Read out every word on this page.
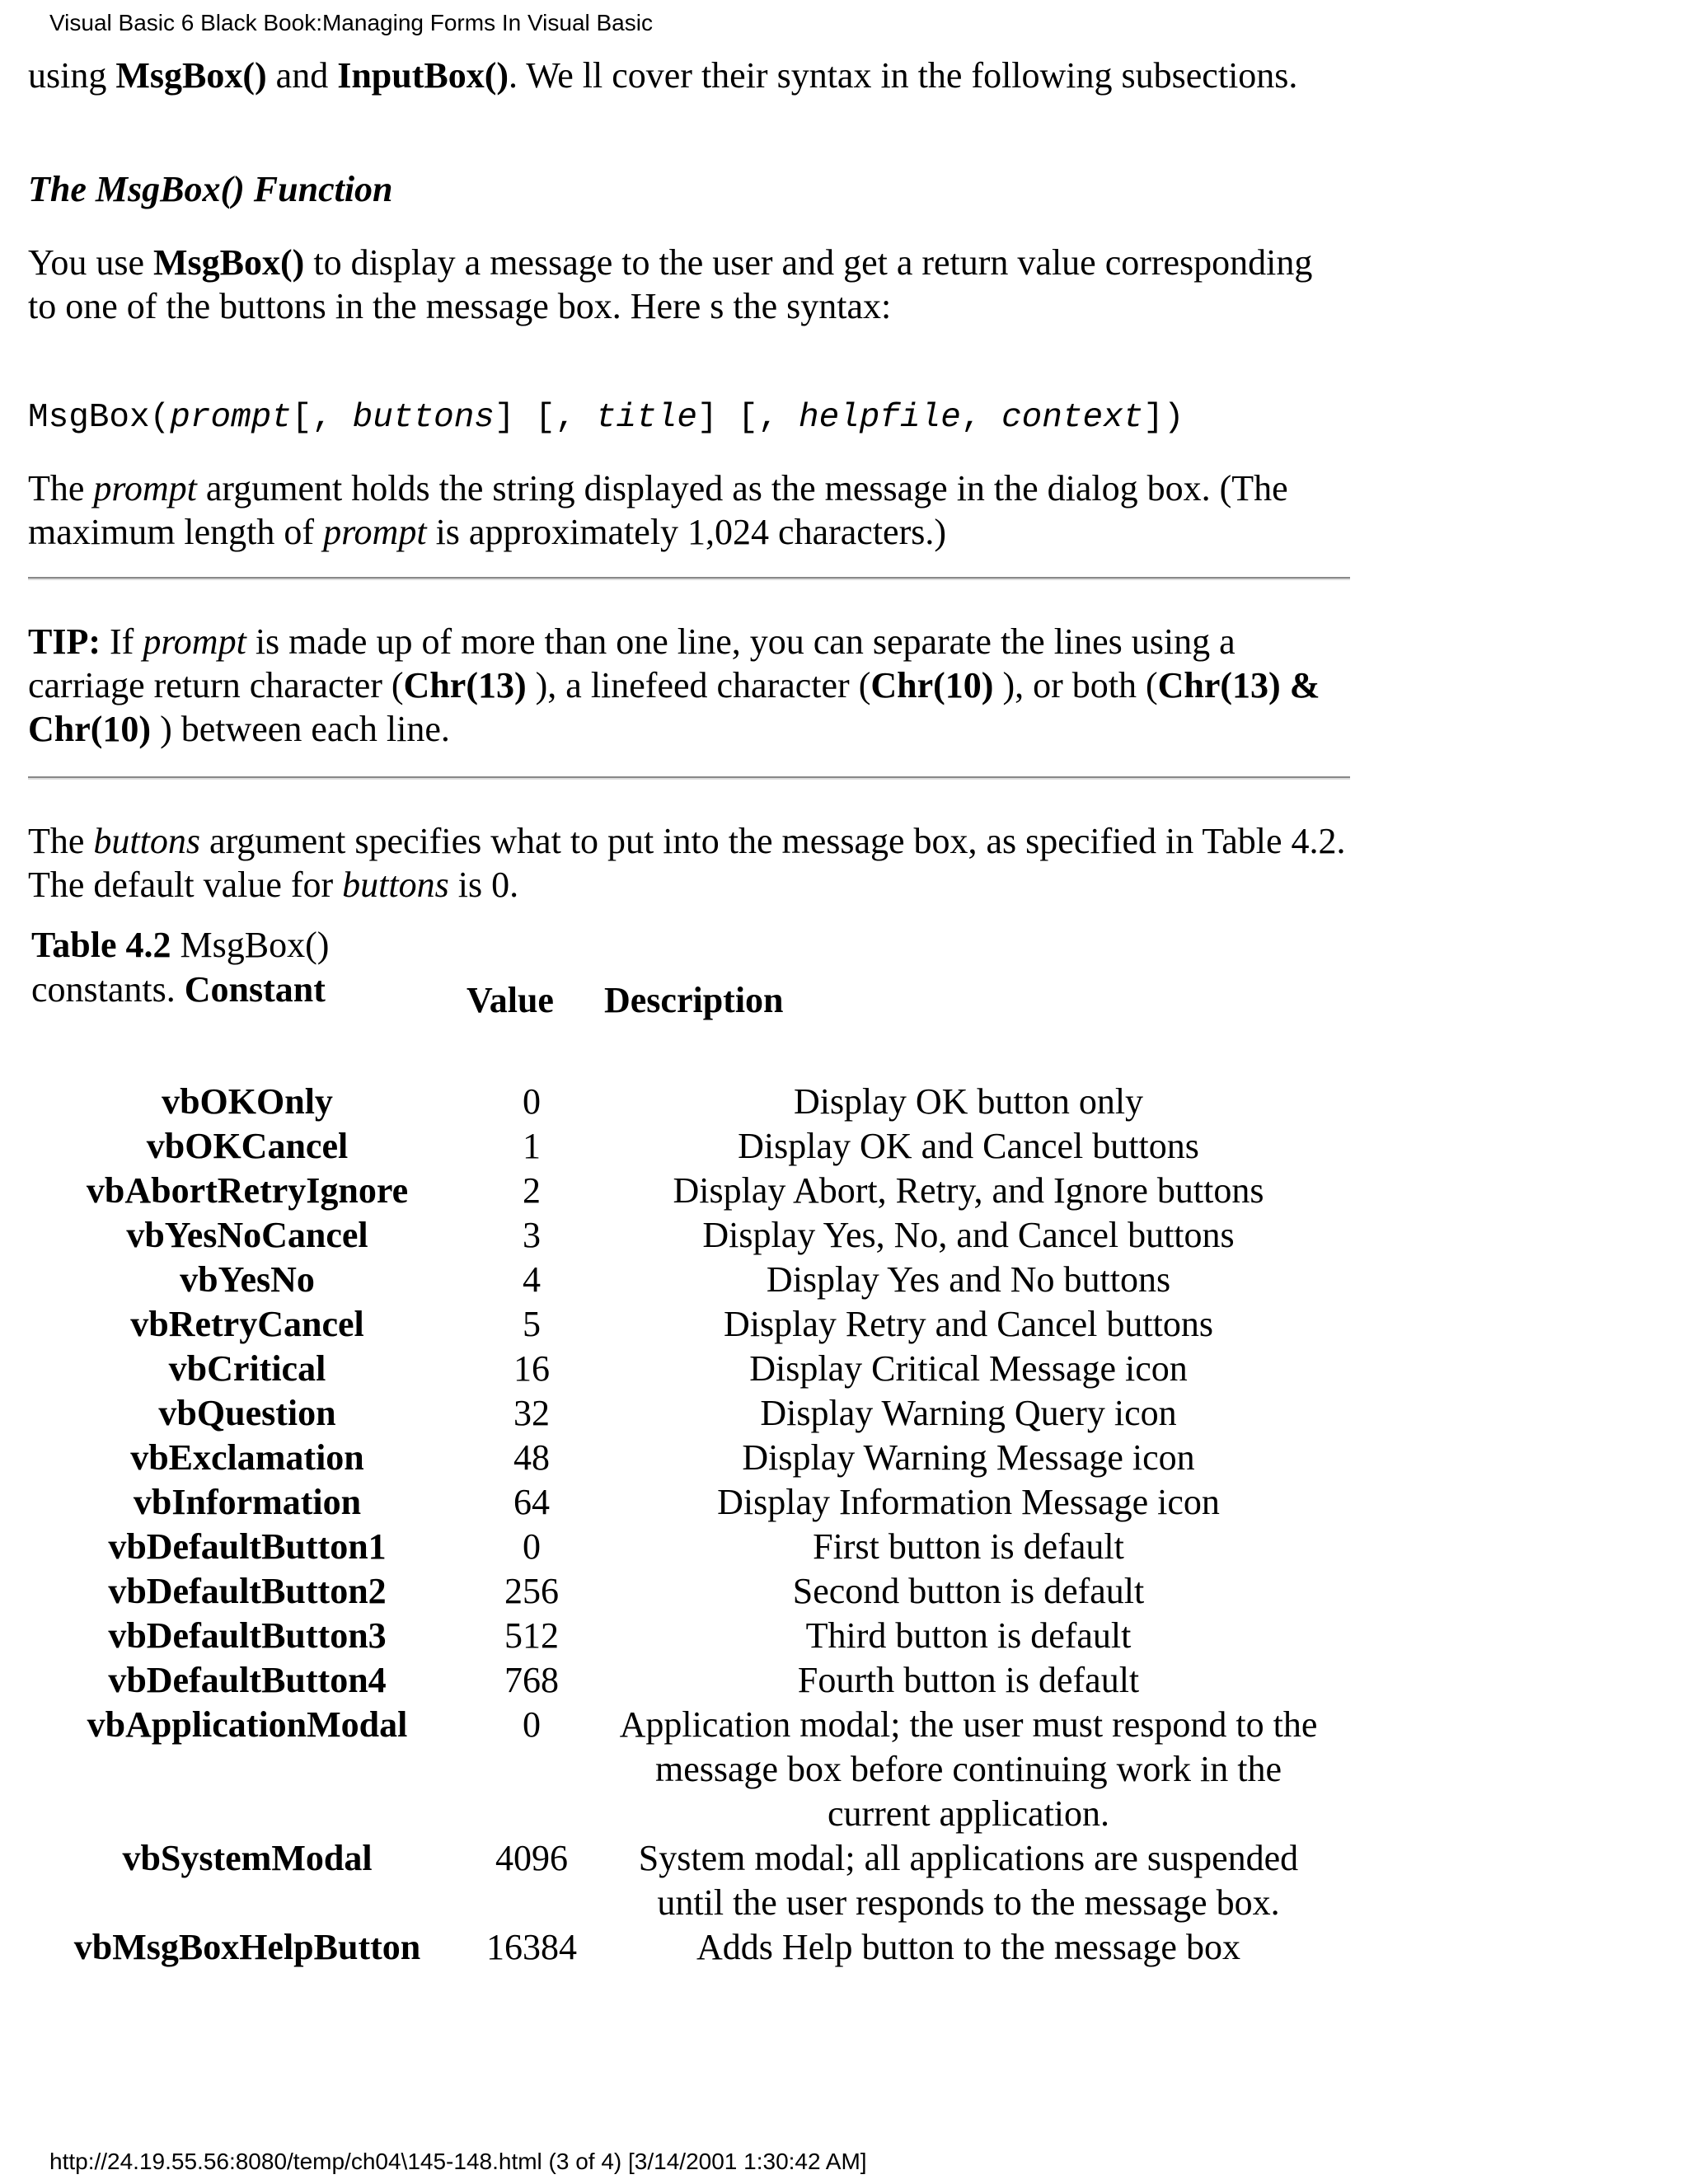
Visual Basic 6 Black Book:Managing Forms In Visual Basic

using MsgBox() and InputBox(). We ll cover their syntax in the following subsections.

The MsgBox() Function

You use MsgBox() to display a message to the user and get a return value corresponding to one of the buttons in the message box. Here s the syntax:

MsgBox(prompt[, buttons] [, title] [, helpfile, context])

The prompt argument holds the string displayed as the message in the dialog box. (The maximum length of prompt is approximately 1,024 characters.)

TIP: If prompt is made up of more than one line, you can separate the lines using a carriage return character (Chr(13) ), a linefeed character (Chr(10) ), or both (Chr(13) & Chr(10) ) between each line.

The buttons argument specifies what to put into the message box, as specified in Table 4.2. The default value for buttons is 0.

Table 4.2 MsgBox() constants. Constant	Value Description
vbOKOnly	0	Display OK button only
vbOKCancel	1	Display OK and Cancel buttons
vbAbortRetryIgnore	2	Display Abort, Retry, and Ignore buttons
vbYesNoCancel	3	Display Yes, No, and Cancel buttons
vbYesNo	4	Display Yes and No buttons
vbRetryCancel	5	Display Retry and Cancel buttons
vbCritical	16	Display Critical Message icon
vbQuestion	32	Display Warning Query icon
vbExclamation	48	Display Warning Message icon
vbInformation	64	Display Information Message icon
vbDefaultButton1	0	First button is default
vbDefaultButton2	256	Second button is default
vbDefaultButton3	512	Third button is default
vbDefaultButton4	768	Fourth button is default
vbApplicationModal	0	Application modal; the user must respond to the message box before continuing work in the current application.
vbSystemModal	4096	System modal; all applications are suspended until the user responds to the message box.
vbMsgBoxHelpButton	16384	Adds Help button to the message box
http://24.19.55.56:8080/temp/ch04\145-148.html (3 of 4) [3/14/2001 1:30:42 AM]
